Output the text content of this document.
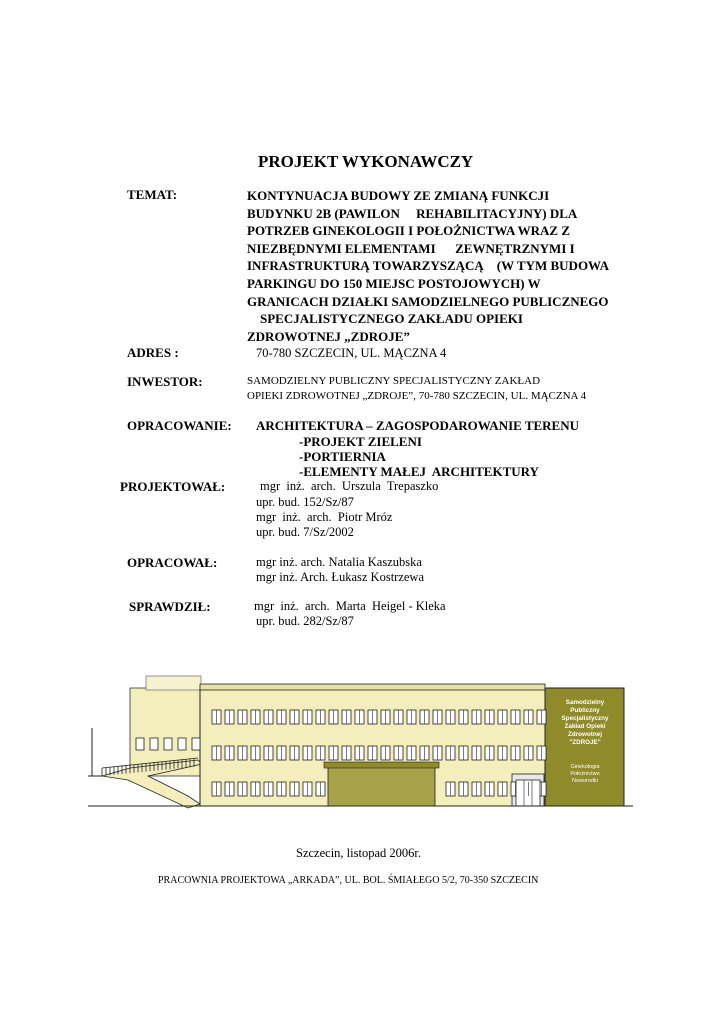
PROJEKT WYKONAWCZY
TEMAT:	KONTYNUACJA BUDOWY ZE ZMIANĄ FUNKCJI
BUDYNKU 2B (PAWILON     REHABILITACYJNY) DLA
POTRZEB GINEKOLOGII I POŁOŻNICTWA WRAZ Z
NIEZBĘDNYMI ELEMENTAMI      ZEWNĘTRZNYMI I
INFRASTRUKTURĄ TOWARZYSZĄCĄ    (W TYM BUDOWA
PARKINGU DO 150 MIEJSC POSTOJOWYCH) W
GRANICACH DZIAŁKI SAMODZIELNEGO PUBLICZNEGO
SPECJALISTYCZNEGO ZAKŁADU OPIEKI
ZDROWOTNEJ „ZDROJE”
ADRES :	70-780 SZCZECIN, UL. MĄCZNA 4
INWESTOR:	SAMODZIELNY PUBLICZNY SPECJALISTYCZNY ZAKŁAD
OPIEKI ZDROWOTNEJ „ZDROJE”, 70-780 SZCZECIN, UL. MĄCZNA 4
OPRACOWANIE: ARCHITEKTURA – ZAGOSPODAROWANIE TERENU
-PROJEKT ZIELENI
-PORTIERNIA
-ELEMENTY MAŁEJ  ARCHITEKTURY
PROJEKTOWAŁ:	mgr  inż.  arch.  Urszula  Trepaszko
upr. bud. 152/Sz/87
mgr  inż.  arch.  Piotr Mróz
upr. bud. 7/Sz/2002
OPRACOWAŁ:	mgr inż. arch. Natalia Kaszubska
mgr inż. Arch. Łukasz Kostrzewa
SPRAWDZIŁ:	mgr  inż.  arch.  Marta  Heigel - Kleka
upr. bud. 282/Sz/87
Samodzielny
Publiczny
Specjalistyczny
Zakład Opieki
Zdrowotnej
"ZDROJE"
Ginekologia
Położnictwo
Noworodki
Szczecin, listopad 2006r.
PRACOWNIA PROJEKTOWA „ARKADA”, UL. BOL. ŚMIAŁEGO 5/2, 70-350 SZCZECIN
